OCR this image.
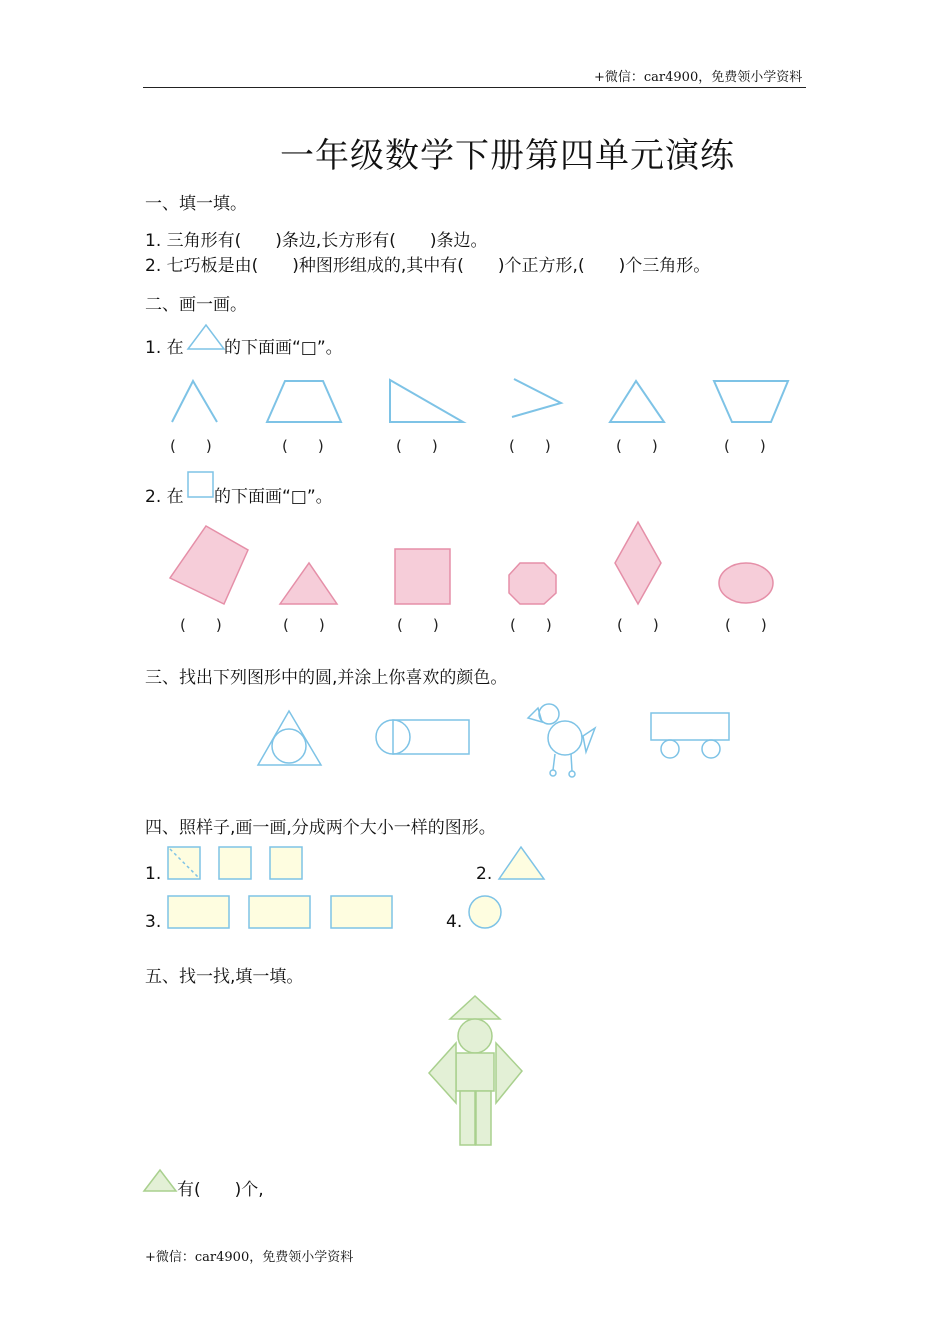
+微信：car4900，免费领小学资料
一年级数学下册第四单元演练
一、填一填。
1. 三角形有(　　)条边,长方形有(　　)条边。
2. 七巧板是由(　　)种图形组成的,其中有(　　)个正方形,(　　)个三角形。
二、画一画。
1. 在 的下面画“□”。
(　　)	(　　)	(　　)	(　　)	(　　)	(　　)
2. 在 的下面画“□”。
(　　)	(　　)	(　　)	(　　)	(　　)	(　　)
三、找出下列图形中的圆,并涂上你喜欢的颜色。
四、照样子,画一画,分成两个大小一样的图形。
1.	2.
3.	4.
五、找一找,填一填。
有(　　)个,
+微信：car4900，免费领小学资料
